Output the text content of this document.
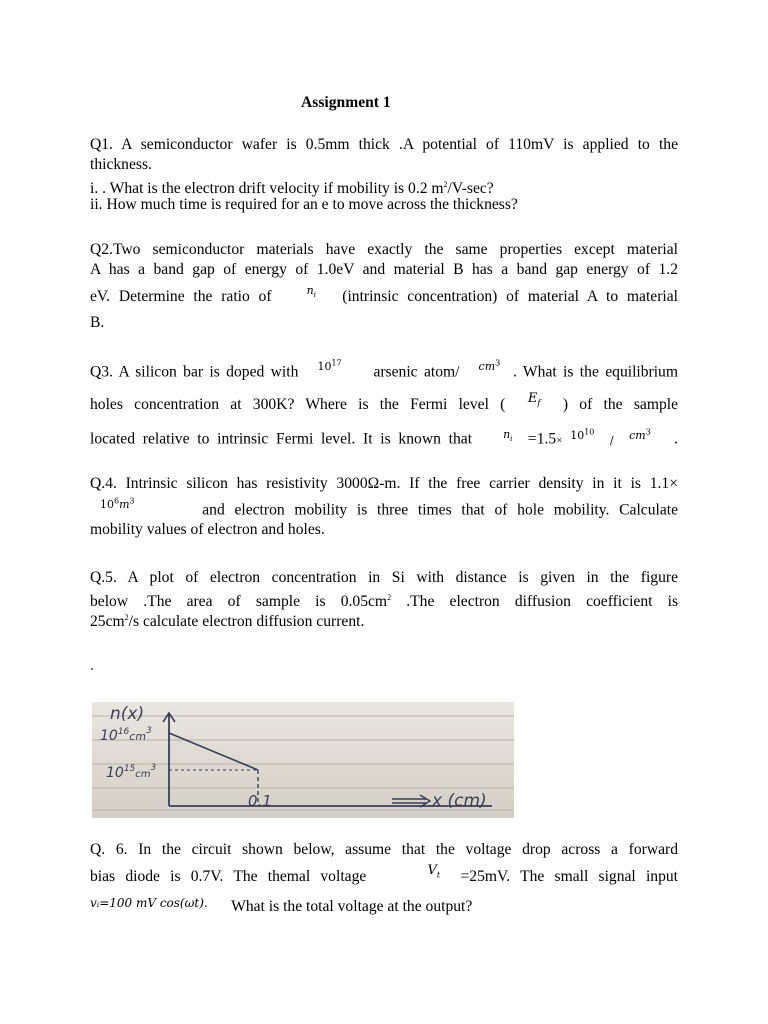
Assignment 1
Q1. A semiconductor wafer is 0.5mm thick .A potential of 110mV is applied to the
thickness.
i. . What is the electron drift velocity if mobility is 0.2 $m^2/V-\sec$?
ii. How much time is required for an e to move across the thickness?
Q2.Two semiconductor materials have exactly the same properties except material
A has a band gap of energy of 1.0eV and material B has a band gap energy of 1.2
eV. Determine the ratio of	$^{n_i}$ (intrinsic concentration) of material A to material
B.
Q3. A silicon bar is doped with $^{10^{17}}$     arsenic atom/ $^{cm^3}$  . What is the equilibrium
holes concentration at 300K? Where is the Fermi level ( $^{E_f}$ ) of the sample
located relative to intrinsic Fermi level. It is known that	$^{n_i}$ =1.5× $^{10^{10}}$  / $^{cm^3}$ .
Q.4. Intrinsic silicon has resistivity 3000Ω-m. If the free carrier density in it is 1.1×
$^{10^6m^3}$        and electron mobility is three times that of hole mobility. Calculate
mobility values of electron and holes.
Q.5. A plot of electron concentration in Si with distance is given in the figure
below .The area of sample is $0.05cm^2$ .The electron diffusion coefficient is
$25cm^2/s$ calculate electron diffusion current.
n(x)
$10^{16}_{cm}^3$
$10^{15}_{cm}^3$
0.1	x (cm)
Q. 6. In the circuit shown below, assume that the voltage drop across a forward
bias diode is 0.7V. The themal voltage	$^{V_t}$ =25mV. The small signal input
$^{vᵢ=100 mV cos(\omega t).}$ What is the total voltage at the output?
